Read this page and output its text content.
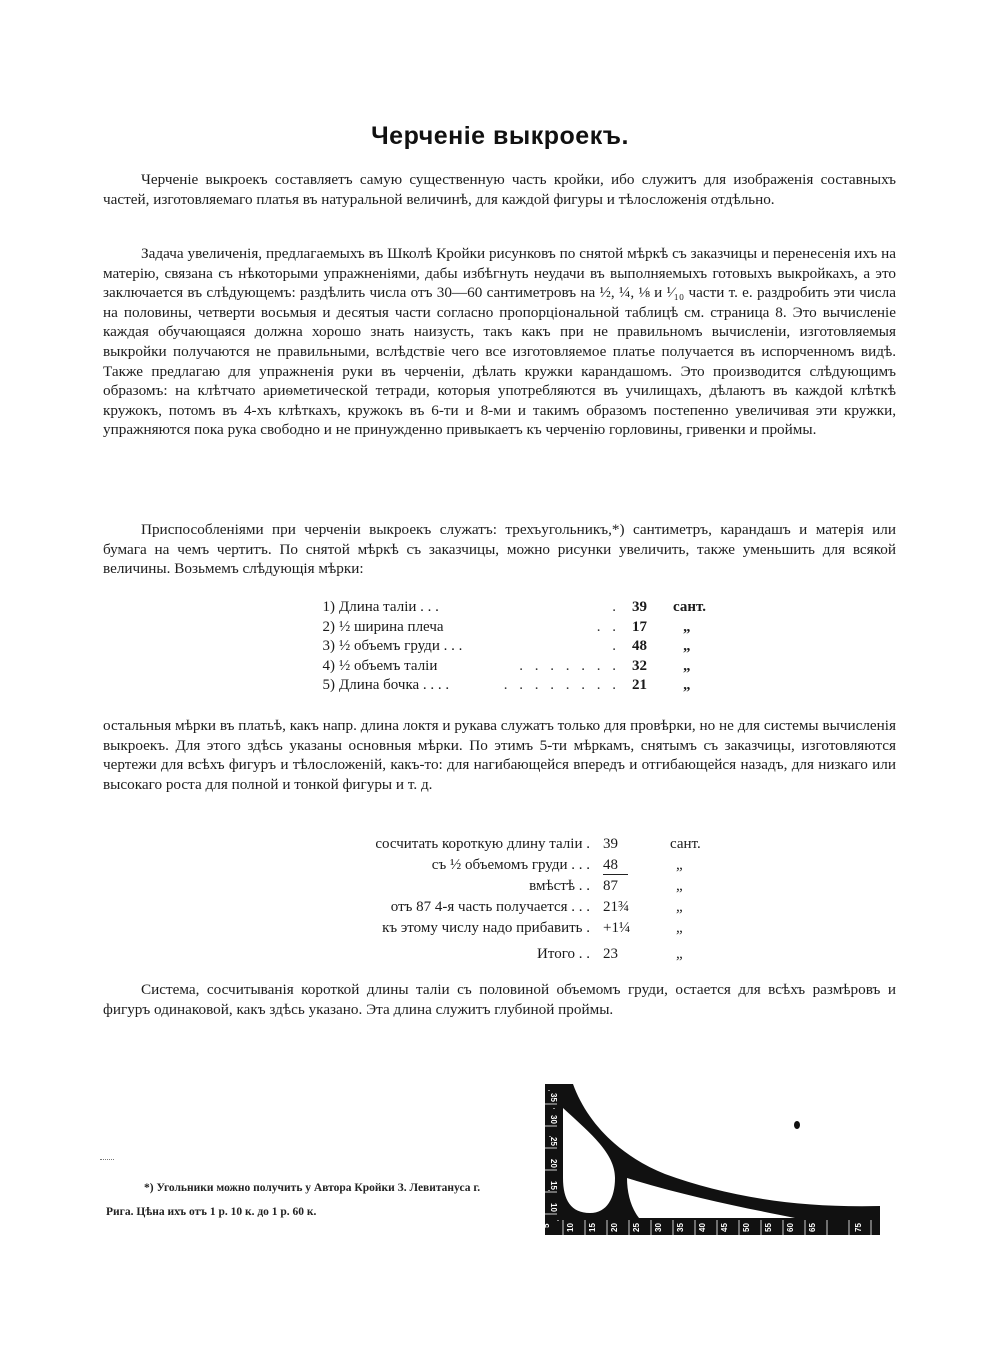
Черченіе выкроекъ.
Черченіе выкроекъ составляетъ самую существенную часть кройки, ибо служитъ для изображенія составныхъ частей, изготовляемаго платья въ натуральной величинѣ, для каждой фигуры и тѣлосложенія отдѣльно.
Задача увеличенія, предлагаемыхъ въ Школѣ Кройки рисунковъ по снятой мѣркѣ съ заказчицы и перенесенія ихъ на матерію, связана съ нѣкоторыми упражненіями, дабы избѣгнуть неудачи въ выполняемыхъ готовыхъ выкройкахъ, а это заключается въ слѣдующемъ: раздѣлить числа отъ 30—60 сантиметровъ на ½, ¼, ⅛ и ¹⁄₁₀ части т. е. раздробить эти числа на половины, четверти восьмыя и десятыя части согласно пропорціональной таблицѣ см. страница 8. Это вычисленіе каждая обучающаяся должна хорошо знать наизусть, такъ какъ при не правильномъ вычисленіи, изготовляемыя выкройки получаются не правильными, вслѣдствіе чего все изготовляемое платье получается въ испорченномъ видѣ. Также предлагаю для упражненія руки въ черченіи, дѣлать кружки карандашомъ. Это производится слѣдующимъ образомъ: на клѣтчато ариѳметической тетради, которыя употребляются въ училищахъ, дѣлаютъ въ каждой клѣткѣ кружокъ, потомъ въ 4-хъ клѣткахъ, кружокъ въ 6-ти и 8-ми и такимъ образомъ постепенно увеличивая эти кружки, упражняются пока рука свободно и не принужденно привыкаетъ къ черченію горловины, гривенки и проймы.
Приспособленіями при черченіи выкроекъ служатъ: трехъугольникъ,*) сантиметръ, карандашъ и матерія или бумага на чемъ чертитъ. По снятой мѣркѣ съ заказчицы, можно рисунки увеличить, также уменьшить для всякой величины. Возьмемъ слѣдующія мѣрки:
1) Длина таліи . . .	. 39 сант.
2) ½ ширина плеча	. . 17 „
3) ½ объемъ груди . . .	. 48 „
4) ½ объемъ таліи	. . . . . . . 32 „
5) Длина бочка . . . .	. . . . . . . . 21 „
остальныя мѣрки въ платьѣ, какъ напр. длина локтя и рукава служатъ только для провѣрки, но не для системы вычисленія выкроекъ. Для этого здѣсь указаны основныя мѣрки. По этимъ 5-ти мѣркамъ, снятымъ съ заказчицы, изготовляются чертежи для всѣхъ фигуръ и тѣлосложеній, какъ-то: для нагибающейся впередъ и отгибающейся назадъ, для низкаго или высокаго роста для полной и тонкой фигуры и т. д.
сосчитать короткую длину таліи . 39	сант.
съ ½ объемомъ груди . . . 48	„
вмѣстѣ . . 87	„
отъ 87 4-я часть получается . . . 21¾	„
къ этому числу надо прибавить . +1¼	„
Итого . . 23	„
Система, сосчитыванія короткой длины таліи съ половиной объемомъ груди, остается для всѣхъ размѣровъ и фигуръ одинаковой, какъ здѣсь указано. Эта длина служитъ глубиной проймы.
*) Угольники можно получить у Автора Кройки З. Левитануса г. Рига. Цѣна ихъ отъ 1 р. 10 к. до 1 р. 60 к.
35
30
25
20
15
10
5 10 15 20 25 30 35 40 45 50 55 60 65	75
